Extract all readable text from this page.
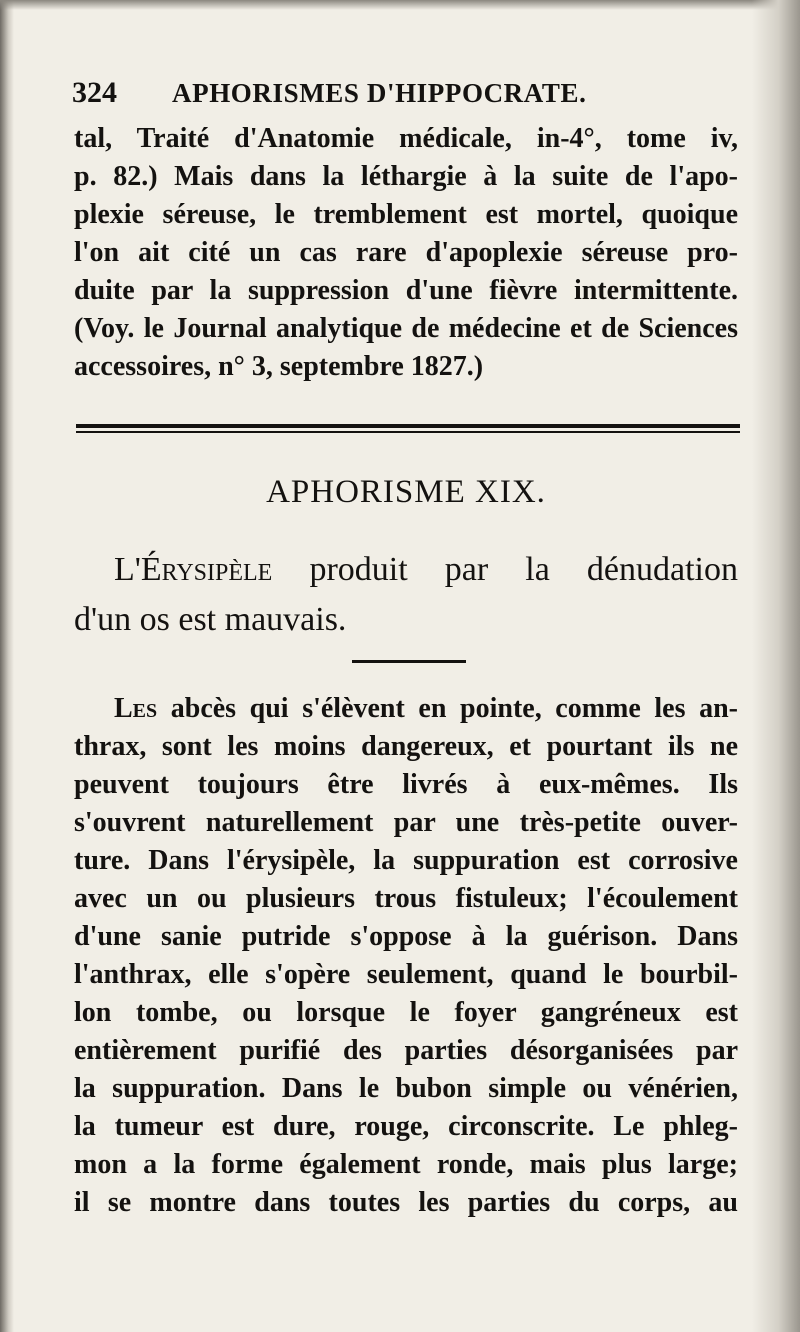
324 APHORISMES D'HIPPOCRATE.
tal, Traité d'Anatomie médicale, in-4°, tome iv,
p. 82.) Mais dans la léthargie à la suite de l'apo-
plexie séreuse, le tremblement est mortel, quoique
l'on ait cité un cas rare d'apoplexie séreuse pro-
duite par la suppression d'une fièvre intermittente.
(Voy. le Journal analytique de médecine et de Sciences
accessoires, n° 3, septembre 1827.)
APHORISME XIX.
L'Érysipèle produit par la dénudation
d'un os est mauvais.
Les abcès qui s'élèvent en pointe, comme les an-
thrax, sont les moins dangereux, et pourtant ils ne
peuvent toujours être livrés à eux-mêmes. Ils
s'ouvrent naturellement par une très-petite ouver-
ture. Dans l'érysipèle, la suppuration est corrosive
avec un ou plusieurs trous fistuleux; l'écoulement
d'une sanie putride s'oppose à la guérison. Dans
l'anthrax, elle s'opère seulement, quand le bourbil-
lon tombe, ou lorsque le foyer gangréneux est
entièrement purifié des parties désorganisées par
la suppuration. Dans le bubon simple ou vénérien,
la tumeur est dure, rouge, circonscrite. Le phleg-
mon a la forme également ronde, mais plus large;
il se montre dans toutes les parties du corps, au
